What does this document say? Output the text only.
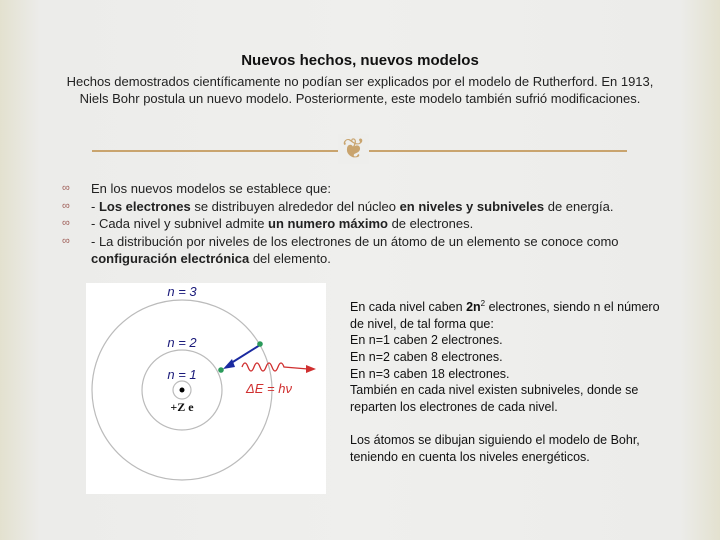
Nuevos hechos, nuevos modelos
Hechos demostrados científicamente no podían ser explicados por el modelo de Rutherford. En 1913, Niels Bohr postula un nuevo modelo. Posteriormente, este modelo también sufrió modificaciones.
❦
∞ En los nuevos modelos se establece que:
∞ - Los electrones se distribuyen alrededor del núcleo en niveles y subniveles de energía.
∞ - Cada nivel y subnivel admite un numero máximo de electrones.
∞ - La distribución por niveles de los electrones de un átomo de un elemento se conoce como configuración electrónica del elemento.
n = 3
n = 2
n = 1
+Z e
ΔE = hν

En cada nivel caben $2n^2$ electrones, siendo n el número de nivel, de tal forma que:
En n=1 caben 2 electrones.
En n=2 caben 8 electrones.
En n=3 caben 18 electrones.
También en cada nivel existen subniveles, donde se reparten los electrones de cada nivel.

Los átomos se dibujan siguiendo el modelo de Bohr, teniendo en cuenta los niveles energéticos.
